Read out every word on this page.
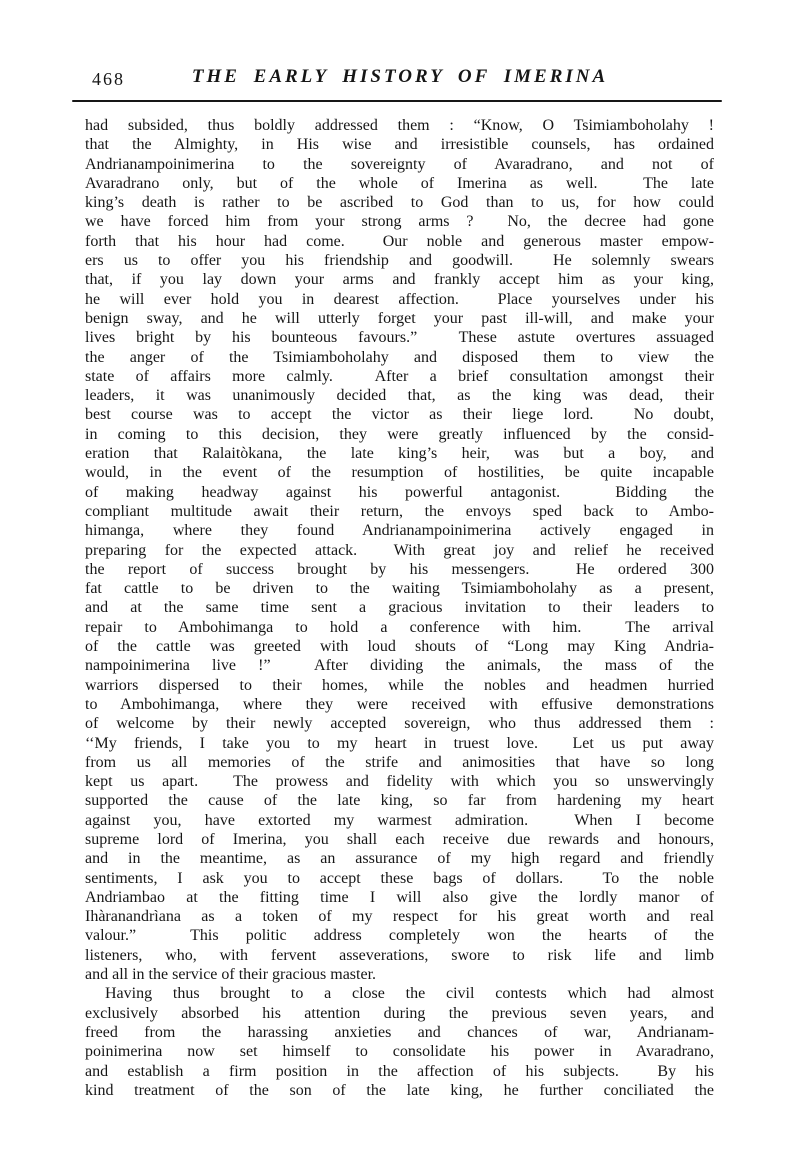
468	THE EARLY HISTORY OF IMERINA
had subsided, thus boldly addressed them : “Know, O Tsimiamboholahy !
that the Almighty, in His wise and irresistible counsels, has ordained
Andrianampoinimerina to the sovereignty of Avaradrano, and not of
Avaradrano only, but of the whole of Imerina as well.  The late
king’s death is rather to be ascribed to God than to us, for how could
we have forced him from your strong arms ?  No, the decree had gone
forth that his hour had come.  Our noble and generous master empow-
ers us to offer you his friendship and goodwill.  He solemnly swears
that, if you lay down your arms and frankly accept him as your king,
he will ever hold you in dearest affection.  Place yourselves under his
benign sway, and he will utterly forget your past ill-will, and make your
lives bright by his bounteous favours.”  These astute overtures assuaged
the anger of the Tsimiamboholahy and disposed them to view the
state of affairs more calmly.  After a brief consultation amongst their
leaders, it was unanimously decided that, as the king was dead, their
best course was to accept the victor as their liege lord.  No doubt,
in coming to this decision, they were greatly influenced by the consid-
eration that Ralaitòkana, the late king’s heir, was but a boy, and
would, in the event of the resumption of hostilities, be quite incapable
of making headway against his powerful antagonist.  Bidding the
compliant multitude await their return, the envoys sped back to Ambo-
himanga, where they found Andrianampoinimerina actively engaged in
preparing for the expected attack.  With great joy and relief he received
the report of success brought by his messengers.  He ordered 300
fat cattle to be driven to the waiting Tsimiamboholahy as a present,
and at the same time sent a gracious invitation to their leaders to
repair to Ambohimanga to hold a conference with him.  The arrival
of the cattle was greeted with loud shouts of “Long may King Andria-
nampoinimerina live !”  After dividing the animals, the mass of the
warriors dispersed to their homes, while the nobles and headmen hurried
to Ambohimanga, where they were received with effusive demonstrations
of welcome by their newly accepted sovereign, who thus addressed them :
‘‘My friends, I take you to my heart in truest love.  Let us put away
from us all memories of the strife and animosities that have so long
kept us apart.  The prowess and fidelity with which you so unswervingly
supported the cause of the late king, so far from hardening my heart
against you, have extorted my warmest admiration.  When I become
supreme lord of Imerina, you shall each receive due rewards and honours,
and in the meantime, as an assurance of my high regard and friendly
sentiments, I ask you to accept these bags of dollars.  To the noble
Andriambao at the fitting time I will also give the lordly manor of
Ihàranandrìana as a token of my respect for his great worth and real
valour.”  This politic address completely won the hearts of the
listeners, who, with fervent asseverations, swore to risk life and limb
and all in the service of their gracious master.
Having thus brought to a close the civil contests which had almost
exclusively absorbed his attention during the previous seven years, and
freed from the harassing anxieties and chances of war, Andrianam-
poinimerina now set himself to consolidate his power in Avaradrano,
and establish a firm position in the affection of his subjects.  By his
kind treatment of the son of the late king, he further conciliated the
